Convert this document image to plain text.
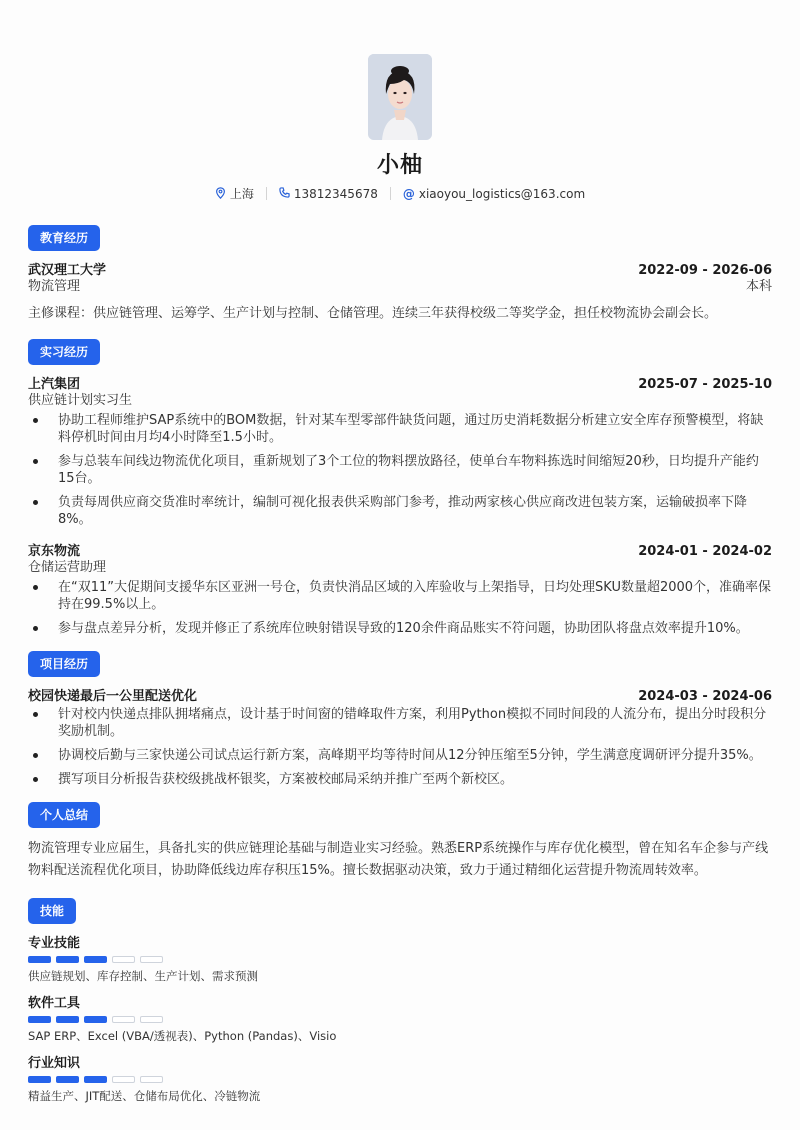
小柚
上海	13812345678 @ xiaoyou_logistics@163.com
教育经历
武汉理工大学	2022-09 - 2026-06
物流管理	本科
主修课程：供应链管理、运筹学、生产计划与控制、仓储管理。连续三年获得校级二等奖学金，担任校物流协会副会长。
实习经历
上汽集团	2025-07 - 2025-10
供应链计划实习生
协助工程师维护SAP系统中的BOM数据，针对某车型零部件缺货问题，通过历史消耗数据分析建立安全库存预警模型，将缺料停机时间由月均4小时降至1.5小时。
参与总装车间线边物流优化项目，重新规划了3个工位的物料摆放路径，使单台车物料拣选时间缩短20秒，日均提升产能约15台。
负责每周供应商交货准时率统计，编制可视化报表供采购部门参考，推动两家核心供应商改进包装方案，运输破损率下降8%。
京东物流	2024-01 - 2024-02
仓储运营助理
在“双11”大促期间支援华东区亚洲一号仓，负责快消品区域的入库验收与上架指导，日均处理SKU数量超2000个，准确率保持在99.5%以上。
参与盘点差异分析，发现并修正了系统库位映射错误导致的120余件商品账实不符问题，协助团队将盘点效率提升10%。
项目经历
校园快递最后一公里配送优化	2024-03 - 2024-06
针对校内快递点排队拥堵痛点，设计基于时间窗的错峰取件方案，利用Python模拟不同时间段的人流分布，提出分时段积分奖励机制。
协调校后勤与三家快递公司试点运行新方案，高峰期平均等待时间从12分钟压缩至5分钟，学生满意度调研评分提升35%。
撰写项目分析报告获校级挑战杯银奖，方案被校邮局采纳并推广至两个新校区。
个人总结
物流管理专业应届生，具备扎实的供应链理论基础与制造业实习经验。熟悉ERP系统操作与库存优化模型，曾在知名车企参与产线物料配送流程优化项目，协助降低线边库存积压15%。擅长数据驱动决策，致力于通过精细化运营提升物流周转效率。
技能
专业技能
供应链规划、库存控制、生产计划、需求预测
软件工具
SAP ERP、Excel (VBA/透视表)、Python (Pandas)、Visio
行业知识
精益生产、JIT配送、仓储布局优化、冷链物流
